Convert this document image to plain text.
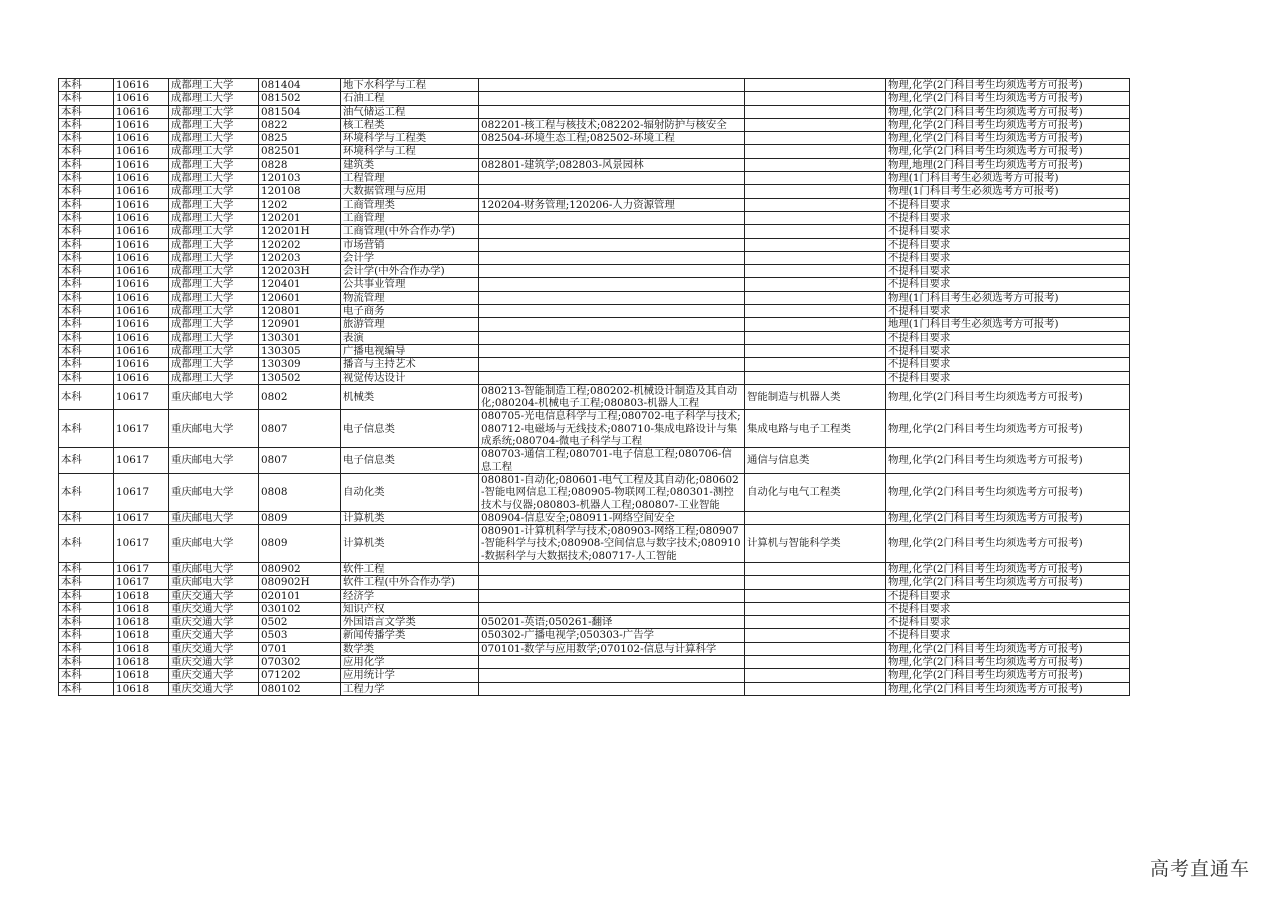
本科	10616	成都理工大学	081404	地下水科学与工程			物理,化学(2门科目考生均须选考方可报考)
本科	10616	成都理工大学	081502	石油工程			物理,化学(2门科目考生均须选考方可报考)
本科	10616	成都理工大学	081504	油气储运工程			物理,化学(2门科目考生均须选考方可报考)
本科	10616	成都理工大学	0822	核工程类	082201-核工程与核技术;082202-辐射防护与核安全		物理,化学(2门科目考生均须选考方可报考)
本科	10616	成都理工大学	0825	环境科学与工程类	082504-环境生态工程;082502-环境工程		物理,化学(2门科目考生均须选考方可报考)
本科	10616	成都理工大学	082501	环境科学与工程			物理,化学(2门科目考生均须选考方可报考)
本科	10616	成都理工大学	0828	建筑类	082801-建筑学;082803-风景园林		物理,地理(2门科目考生均须选考方可报考)
本科	10616	成都理工大学	120103	工程管理			物理(1门科目考生必须选考方可报考)
本科	10616	成都理工大学	120108	大数据管理与应用			物理(1门科目考生必须选考方可报考)
本科	10616	成都理工大学	1202	工商管理类	120204-财务管理;120206-人力资源管理		不提科目要求
本科	10616	成都理工大学	120201	工商管理			不提科目要求
本科	10616	成都理工大学	120201H	工商管理(中外合作办学)			不提科目要求
本科	10616	成都理工大学	120202	市场营销			不提科目要求
本科	10616	成都理工大学	120203	会计学			不提科目要求
本科	10616	成都理工大学	120203H	会计学(中外合作办学)			不提科目要求
本科	10616	成都理工大学	120401	公共事业管理			不提科目要求
本科	10616	成都理工大学	120601	物流管理			物理(1门科目考生必须选考方可报考)
本科	10616	成都理工大学	120801	电子商务			不提科目要求
本科	10616	成都理工大学	120901	旅游管理			地理(1门科目考生必须选考方可报考)
本科	10616	成都理工大学	130301	表演			不提科目要求
本科	10616	成都理工大学	130305	广播电视编导			不提科目要求
本科	10616	成都理工大学	130309	播音与主持艺术			不提科目要求
本科	10616	成都理工大学	130502	视觉传达设计			不提科目要求
本科	10617	重庆邮电大学	0802	机械类	080213-智能制造工程;080202-机械设计制造及其自动化;080204-机械电子工程;080803-机器人工程	智能制造与机器人类	物理,化学(2门科目考生均须选考方可报考)
本科	10617	重庆邮电大学	0807	电子信息类	080705-光电信息科学与工程;080702-电子科学与技术;080712-电磁场与无线技术;080710-集成电路设计与集成系统;080704-微电子科学与工程	集成电路与电子工程类	物理,化学(2门科目考生均须选考方可报考)
本科	10617	重庆邮电大学	0807	电子信息类	080703-通信工程;080701-电子信息工程;080706-信息工程	通信与信息类	物理,化学(2门科目考生均须选考方可报考)
本科	10617	重庆邮电大学	0808	自动化类	080801-自动化;080601-电气工程及其自动化;080602-智能电网信息工程;080905-物联网工程;080301-测控技术与仪器;080803-机器人工程;080807-工业智能	自动化与电气工程类	物理,化学(2门科目考生均须选考方可报考)
本科	10617	重庆邮电大学	0809	计算机类	080904-信息安全;080911-网络空间安全		物理,化学(2门科目考生均须选考方可报考)
本科	10617	重庆邮电大学	0809	计算机类	080901-计算机科学与技术;080903-网络工程;080907-智能科学与技术;080908-空间信息与数字技术;080910-数据科学与大数据技术;080717-人工智能	计算机与智能科学类	物理,化学(2门科目考生均须选考方可报考)
本科	10617	重庆邮电大学	080902	软件工程			物理,化学(2门科目考生均须选考方可报考)
本科	10617	重庆邮电大学	080902H	软件工程(中外合作办学)			物理,化学(2门科目考生均须选考方可报考)
本科	10618	重庆交通大学	020101	经济学			不提科目要求
本科	10618	重庆交通大学	030102	知识产权			不提科目要求
本科	10618	重庆交通大学	0502	外国语言文学类	050201-英语;050261-翻译		不提科目要求
本科	10618	重庆交通大学	0503	新闻传播学类	050302-广播电视学;050303-广告学		不提科目要求
本科	10618	重庆交通大学	0701	数学类	070101-数学与应用数学;070102-信息与计算科学		物理,化学(2门科目考生均须选考方可报考)
本科	10618	重庆交通大学	070302	应用化学			物理,化学(2门科目考生均须选考方可报考)
本科	10618	重庆交通大学	071202	应用统计学			物理,化学(2门科目考生均须选考方可报考)
本科	10618	重庆交通大学	080102	工程力学			物理,化学(2门科目考生均须选考方可报考)
高考直通车
